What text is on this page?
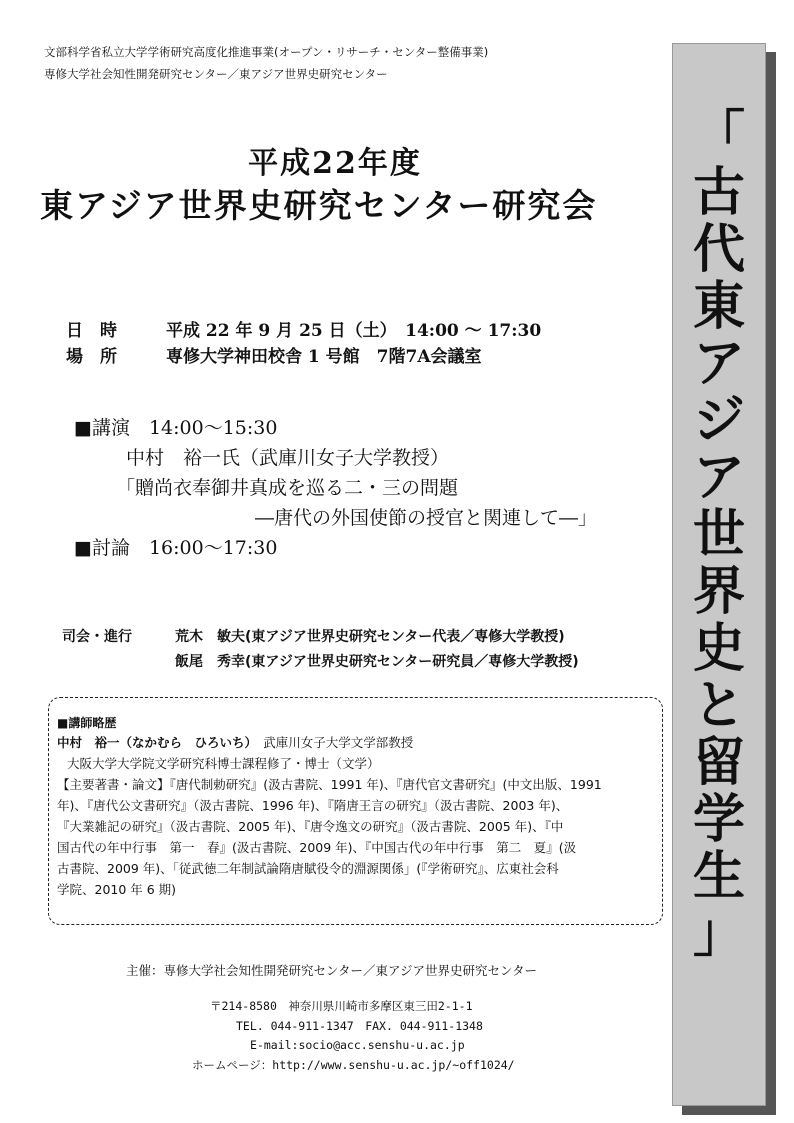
文部科学省私立大学学術研究高度化推進事業(オープン・リサーチ・センター整備事業)
専修大学社会知性開発研究センター／東アジア世界史研究センター
平成22年度
東アジア世界史研究センター研究会
日　時	平成 22 年 9 月 25 日（土）　14:00 ～ 17:30
場　所	専修大学神田校舎 1 号館　7階7A会議室
■講演　14:00～15:30
中村　裕一氏（武庫川女子大学教授）
「贈尚衣奉御井真成を巡る二・三の問題
―唐代の外国使節の授官と関連して―」
■討論　16:00～17:30
司会・進行	荒木　敏夫(東アジア世界史研究センター代表／専修大学教授)
飯尾　秀幸(東アジア世界史研究センター研究員／専修大学教授)
■講師略歴
中村　裕一（なかむら　ひろいち）　武庫川女子大学文学部教授
大阪大学大学院文学研究科博士課程修了・博士（文学）
【主要著書・論文】『唐代制勅研究』(汲古書院、1991 年)、『唐代官文書研究』(中文出版、1991
年)、『唐代公文書研究』（汲古書院、1996 年)、『隋唐王言の研究』（汲古書院、2003 年)、
『大業雑記の研究』（汲古書院、2005 年)、『唐令逸文の研究』（汲古書院、2005 年)、『中
国古代の年中行事　第一　春』(汲古書院、2009 年)、『中国古代の年中行事　第二　夏』(汲
古書院、2009 年)、「従武徳二年制試論隋唐賦役令的淵源関係」(『学術研究』、広東社会科
学院、2010 年 6 期)
主催：専修大学社会知性開発研究センター／東アジア世界史研究センター
〒214-8580　神奈川県川崎市多摩区東三田2-1-1
TEL. 044-911-1347　FAX. 044-911-1348
E-mail:socio@acc.senshu-u.ac.jp
ホームページ：http://www.senshu-u.ac.jp/~off1024/
「
古
代
東
ア
ジ
ア
世
界
史
と
留
学
生
」
